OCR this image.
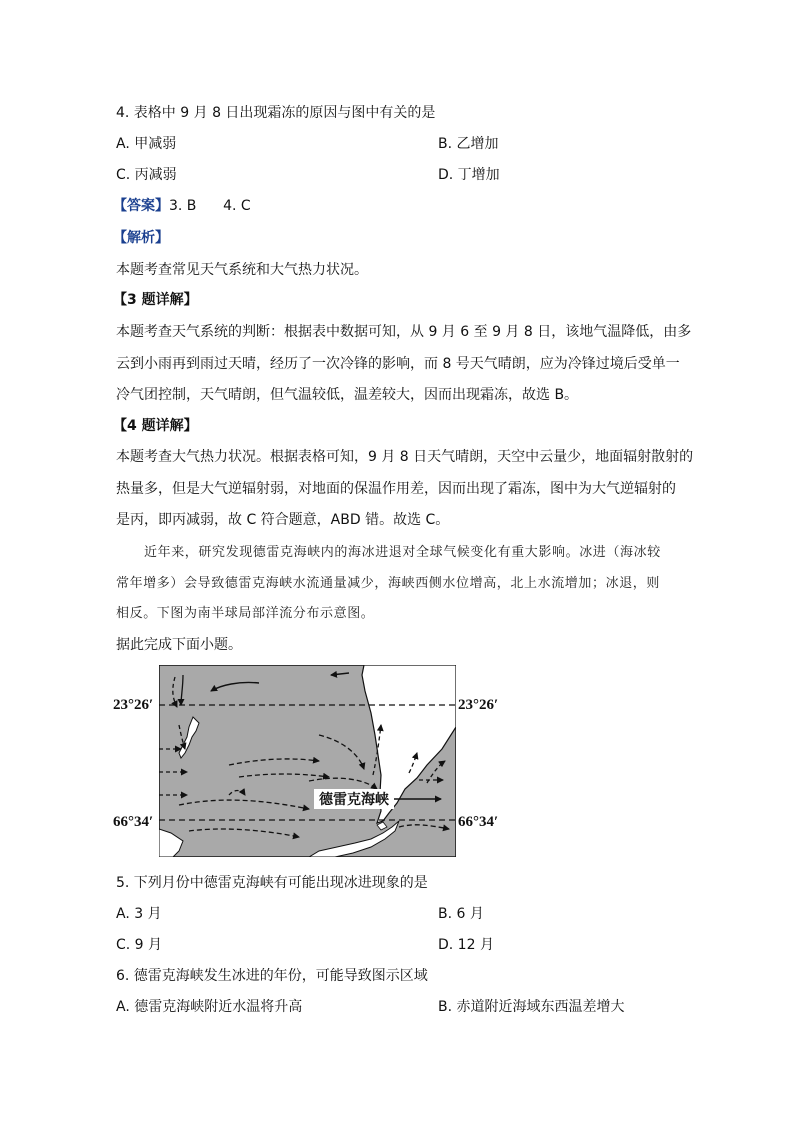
4. 表格中 9 月 8 日出现霜冻的原因与图中有关的是
A. 甲减弱	B. 乙增加
C. 丙减弱	D. 丁增加
【答案】3. B      4. C
【解析】
本题考查常见天气系统和大气热力状况。
【3 题详解】
本题考查天气系统的判断：根据表中数据可知，从 9 月 6 至 9 月 8 日，该地气温降低，由多
云到小雨再到雨过天晴，经历了一次冷锋的影响，而 8 号天气晴朗，应为冷锋过境后受单一
冷气团控制，天气晴朗，但气温较低，温差较大，因而出现霜冻，故选 B。
【4 题详解】
本题考查大气热力状况。根据表格可知，9 月 8 日天气晴朗，天空中云量少，地面辐射散射的
热量多，但是大气逆辐射弱，对地面的保温作用差，因而出现了霜冻，图中为大气逆辐射的
是丙，即丙减弱，故 C 符合题意，ABD 错。故选 C。
近年来，研究发现德雷克海峡内的海冰进退对全球气候变化有重大影响。冰进（海冰较
常年增多）会导致德雷克海峡水流通量减少，海峡西侧水位增高，北上水流增加；冰退，则
相反。下图为南半球局部洋流分布示意图。
据此完成下面小题。
23°26′	23°26′
66°34′	66°34′
德雷克海峡
5. 下列月份中德雷克海峡有可能出现冰进现象的是
A. 3 月	B. 6 月
C. 9 月	D. 12 月
6. 德雷克海峡发生冰进的年份，可能导致图示区域
A. 德雷克海峡附近水温将升高	B. 赤道附近海域东西温差增大
